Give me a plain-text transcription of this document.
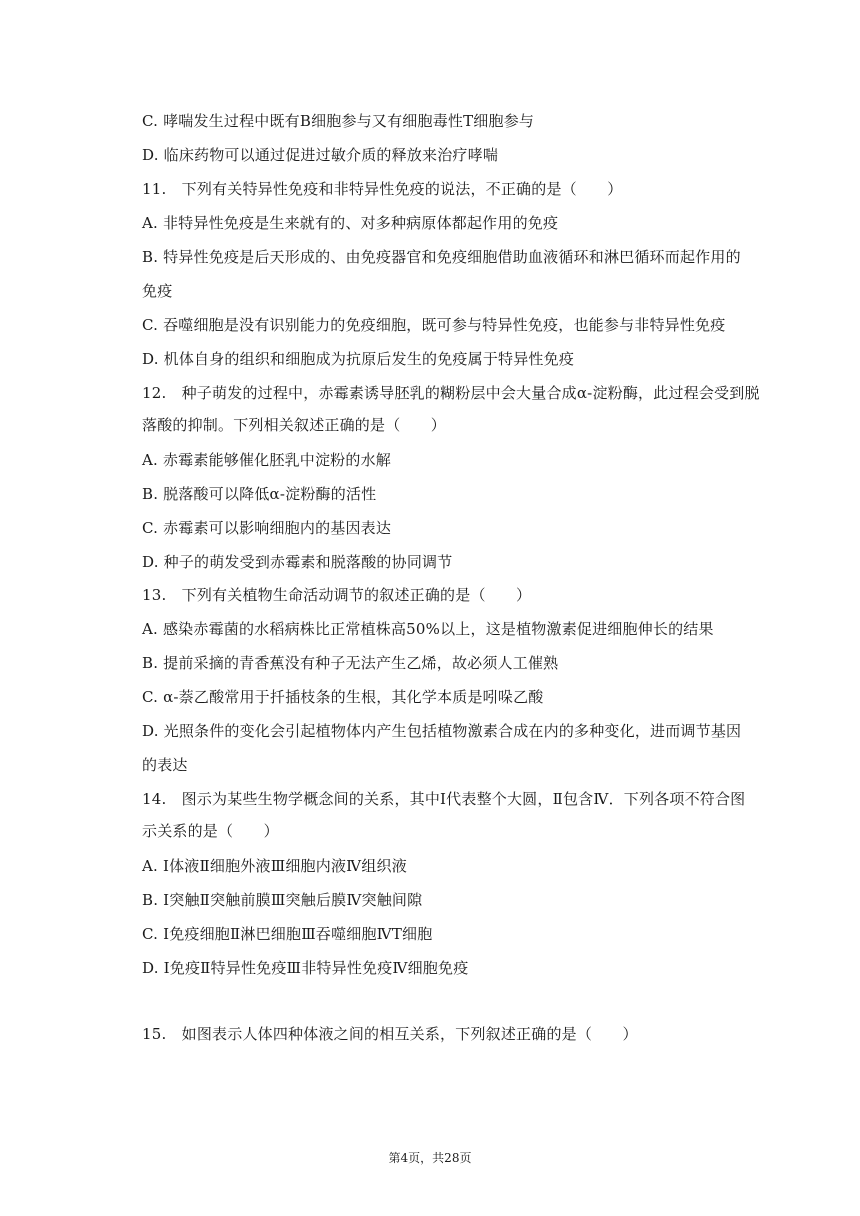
C. 哮喘发生过程中既有B细胞参与又有细胞毒性T细胞参与
D. 临床药物可以通过促进过敏介质的释放来治疗哮喘
11.　下列有关特异性免疫和非特异性免疫的说法，不正确的是（　　）
A. 非特异性免疫是生来就有的、对多种病原体都起作用的免疫
B. 特异性免疫是后天形成的、由免疫器官和免疫细胞借助血液循环和淋巴循环而起作用的
免疫
C. 吞噬细胞是没有识别能力的免疫细胞，既可参与特异性免疫，也能参与非特异性免疫
D. 机体自身的组织和细胞成为抗原后发生的免疫属于特异性免疫
12.　种子萌发的过程中，赤霉素诱导胚乳的糊粉层中会大量合成α-淀粉酶，此过程会受到脱
落酸的抑制。下列相关叙述正确的是（　　）
A. 赤霉素能够催化胚乳中淀粉的水解
B. 脱落酸可以降低α-淀粉酶的活性
C. 赤霉素可以影响细胞内的基因表达
D. 种子的萌发受到赤霉素和脱落酸的协同调节
13.　下列有关植物生命活动调节的叙述正确的是（　　）
A. 感染赤霉菌的水稻病株比正常植株高50%以上，这是植物激素促进细胞伸长的结果
B. 提前采摘的青香蕉没有种子无法产生乙烯，故必须人工催熟
C. α-萘乙酸常用于扦插枝条的生根，其化学本质是吲哚乙酸
D. 光照条件的变化会引起植物体内产生包括植物激素合成在内的多种变化，进而调节基因
的表达
14.　图示为某些生物学概念间的关系，其中Ⅰ代表整个大圆，Ⅱ包含Ⅳ．下列各项不符合图
示关系的是（　　）
A. Ⅰ体液Ⅱ细胞外液Ⅲ细胞内液Ⅳ组织液
B. Ⅰ突触Ⅱ突触前膜Ⅲ突触后膜Ⅳ突触间隙
C. Ⅰ免疫细胞Ⅱ淋巴细胞Ⅲ吞噬细胞ⅣT细胞
D. Ⅰ免疫Ⅱ特异性免疫Ⅲ非特异性免疫Ⅳ细胞免疫
15.　如图表示人体四种体液之间的相互关系，下列叙述正确的是（　　）
第4页，共28页
